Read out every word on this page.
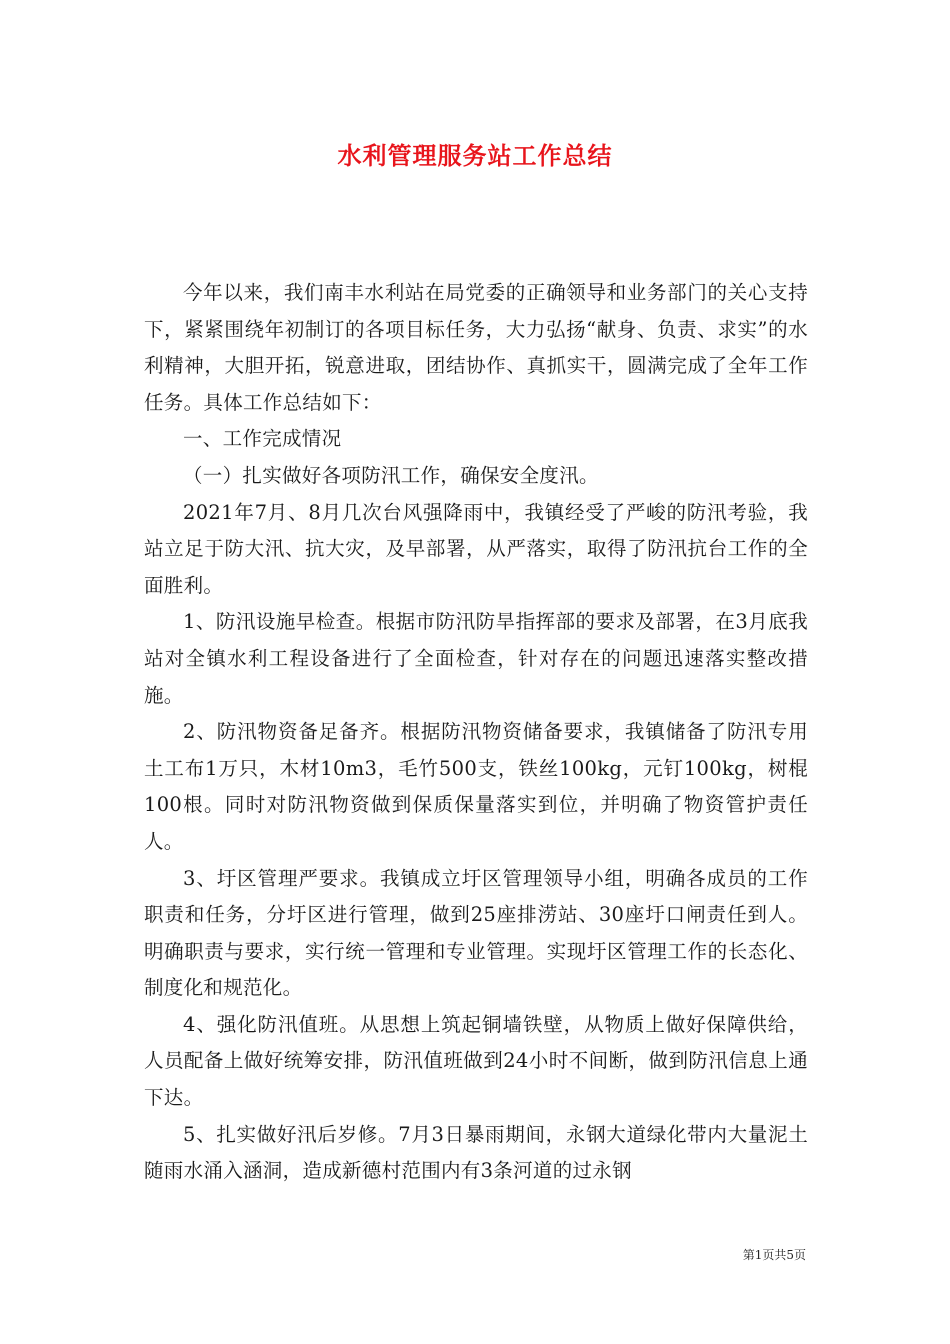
水利管理服务站工作总结

今年以来，我们南丰水利站在局党委的正确领导和业务部门的关心支持下，紧紧围绕年初制订的各项目标任务，大力弘扬“献身、负责、求实”的水利精神，大胆开拓，锐意进取，团结协作、真抓实干，圆满完成了全年工作任务。具体工作总结如下：

一、工作完成情况

（一）扎实做好各项防汛工作，确保安全度汛。

2021年7月、8月几次台风强降雨中，我镇经受了严峻的防汛考验，我站立足于防大汛、抗大灾，及早部署，从严落实，取得了防汛抗台工作的全面胜利。

1、防汛设施早检查。根据市防汛防旱指挥部的要求及部署，在3月底我站对全镇水利工程设备进行了全面检查，针对存在的问题迅速落实整改措施。

2、防汛物资备足备齐。根据防汛物资储备要求，我镇储备了防汛专用土工布1万只，木材10m3，毛竹500支，铁丝100kg，元钉100kg，树棍100根。同时对防汛物资做到保质保量落实到位，并明确了物资管护责任人。

3、圩区管理严要求。我镇成立圩区管理领导小组，明确各成员的工作职责和任务，分圩区进行管理，做到25座排涝站、30座圩口闸责任到人。明确职责与要求，实行统一管理和专业管理。实现圩区管理工作的长态化、制度化和规范化。

4、强化防汛值班。从思想上筑起铜墙铁壁，从物质上做好保障供给，人员配备上做好统筹安排，防汛值班做到24小时不间断，做到防汛信息上通下达。

5、扎实做好汛后岁修。7月3日暴雨期间，永钢大道绿化带内大量泥土随雨水涌入涵洞，造成新德村范围内有3条河道的过永钢

第1页共5页
